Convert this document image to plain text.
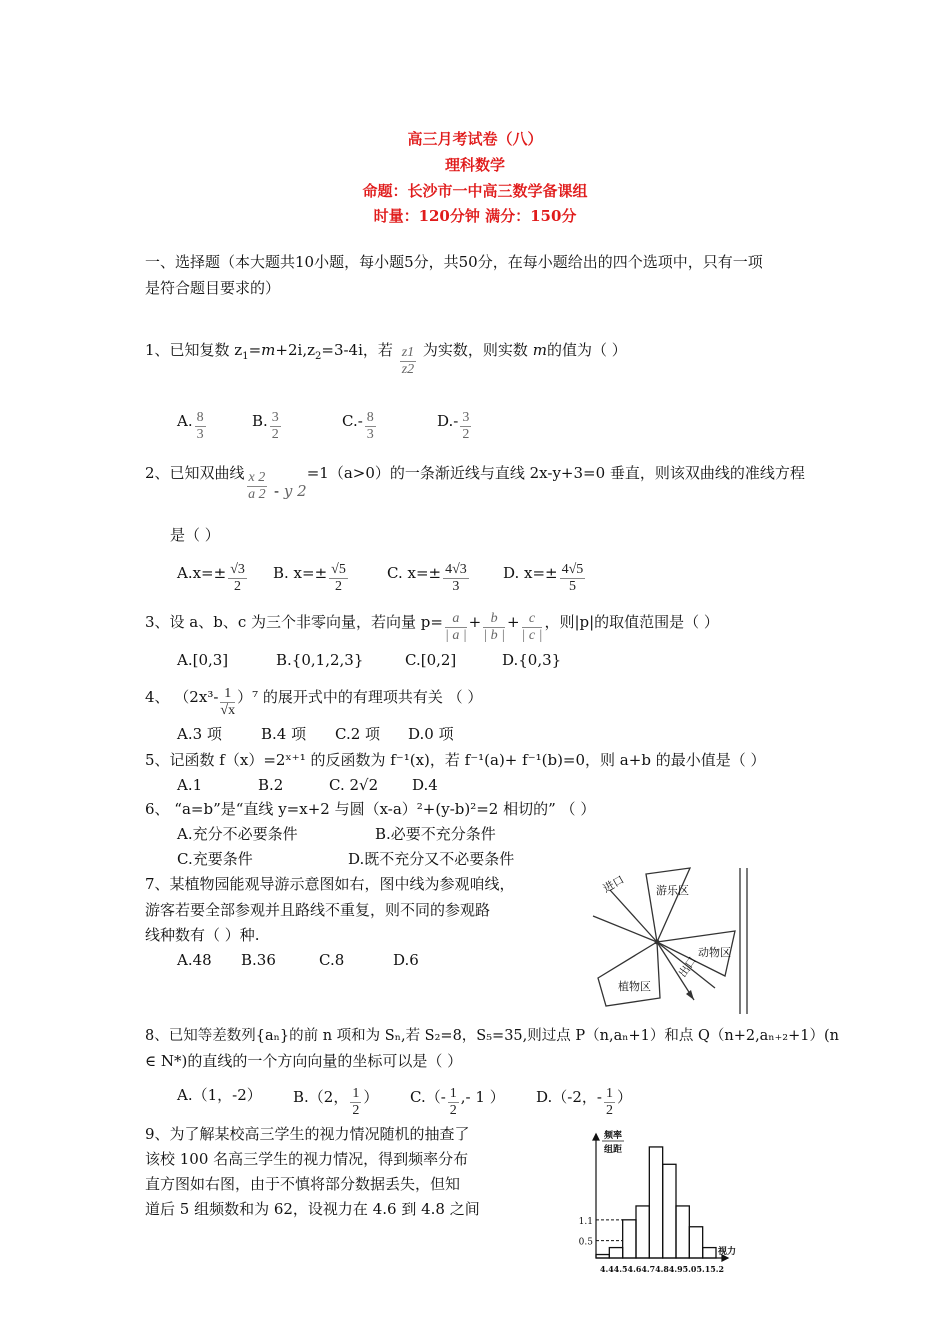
高三月考试卷（八）
理科数学
命题：长沙市一中高三数学备课组
时量：120分钟 满分：150分
一、选择题（本大题共10小题，每小题5分，共50分，在每小题给出的四个选项中，只有一项
是符合题目要求的）
1、已知复数 $z_1=m+2i,z_2=3-4i$，若 $\frac{z1}{z2}$ 为实数，则实数 m的值为（ ）
A. $\frac{8}{3}$	B. $\frac{3}{2}$	$C.- \frac{8}{3}$	$D.- \frac{3}{2}$
2、已知双曲线 $\frac{x 2}{a 2}$ - y 2=1（a>0）的一条渐近线与直线 2x-y+3=0 垂直，则该双曲线的准线方程
是（ ）
$A.x=\pm \frac{√3}{2} B$. $x=\pm \frac{√5}{2}$	C. $x=\pm \frac{4√3}{3} D$. $x=\pm \frac{4√5}{5}$
3、设 a、b、c 为三个非零向量，若向量 $p= \frac{a}{| a |} + \frac{b}{| b |} + \frac{c}{| c |}$ ，则|p|的取值范围是（ ）
A.[0,3]	B.{0,1,2,3}	C.[0,2]	D.{0,3}
4、 $(2x^3- \frac{1}{√x} )^7$ 的展开式中的有理项共有关 （ ）
A.3 项	B.4 项 C.2 项 D.0 项
5、记函数 f（x）=2ˣ⁺¹ 的反函数为 f⁻¹(x)，若 f⁻¹(a)+ f⁻¹(b)=0，则 a+b 的最小值是（ ）
A.1	B.2	C. 2√2 D.4
6、 “a=b”是“直线 y=x+2 与圆（x-a）²+(y-b)²=2 相切的” （ ）
A.充分不必要条件	B.必要不充分条件
C.充要条件	D.既不充分又不必要条件
7、某植物园能观导游示意图如右，图中线为参观咱线，
游客若要全部参观并且路线不重复，则不同的参观路
线种数有（ ）种.
A.48 B.36	C.8	D.6
进口	游乐区
动物区
出口
植物区
8、已知等差数列{aₙ}的前 n 项和为 Sₙ,若 S₂=8，S₅=35,则过点 P（n,aₙ+1）和点 Q（n+2,aₙ₊₂+1）(n
∈ N*)的直线的一个方向向量的坐标可以是（ ）
A.（1，-2） B.（2， $\frac{1}{2}$ ） $C.(- \frac{1}{2}$ ,- 1 ） D.（-2，- $\frac{1}{2}$ ）
9、为了解某校高三学生的视力情况随机的抽查了
该校 100 名高三学生的视力情况，得到频率分布
直方图如右图，由于不慎将部分数据丢失，但知
道后 5 组频数和为 62，设视力在 4.6 到 4.8 之间
0.5
1.1
频率
组距
视力
4.44.54.64.74.84.95.05.15.2
